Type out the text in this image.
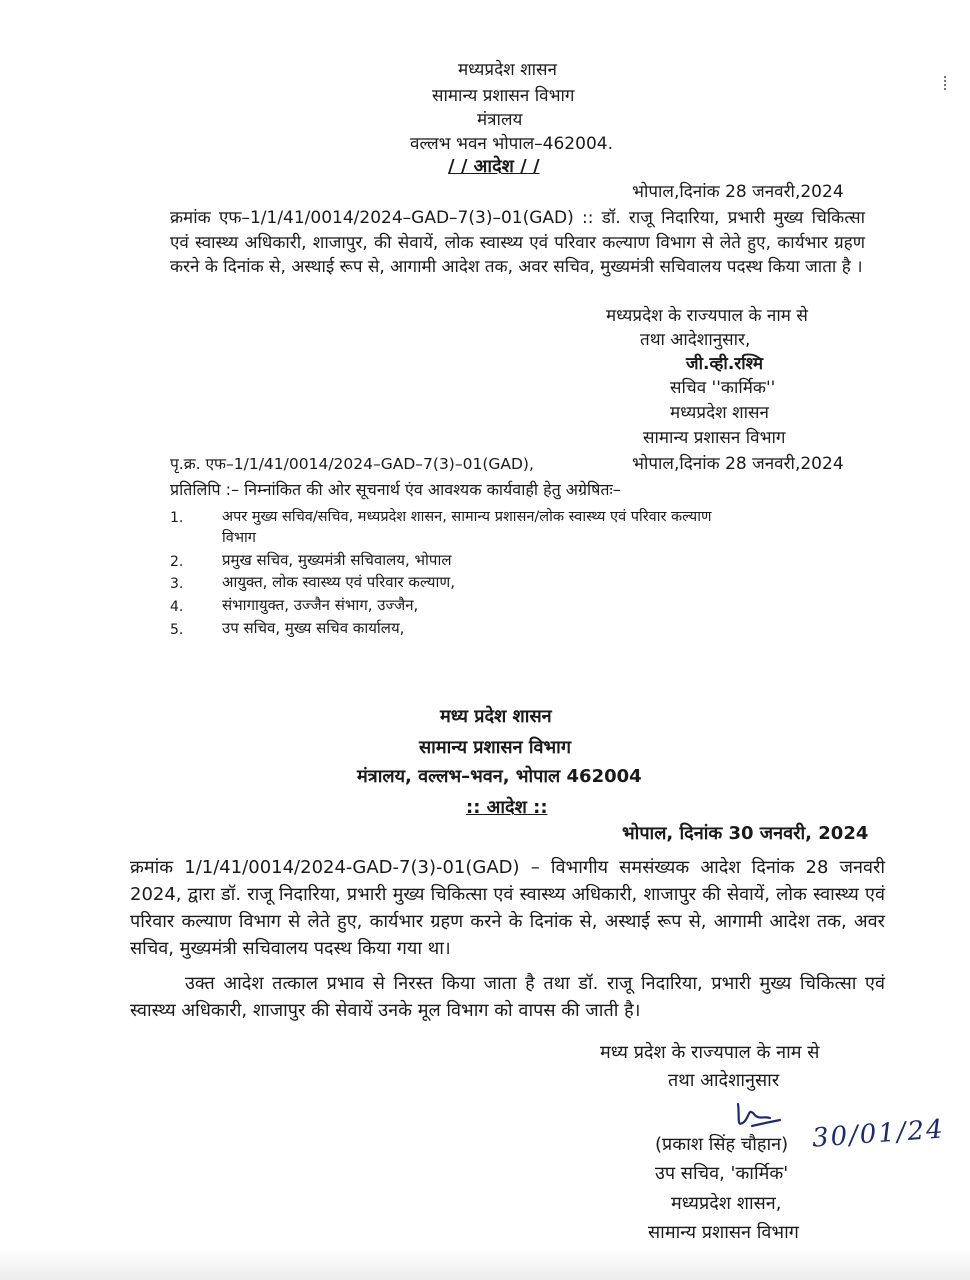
मध्यप्रदेश शासन
सामान्य प्रशासन विभाग
मंत्रालय
वल्लभ भवन भोपाल–462004.
/ / आदेश / /
भोपाल,दिनांक 28 जनवरी,2024
क्रमांक एफ–1/1/41/0014/2024–GAD–7(3)–01(GAD) :: डॉ. राजू निदारिया, प्रभारी मुख्य चिकित्सा एवं स्वास्थ्य अधिकारी, शाजापुर, की सेवायें, लोक स्वास्थ्य एवं परिवार कल्याण विभाग से लेते हुए, कार्यभार ग्रहण करने के दिनांक से, अस्थाई रूप से, आगामी आदेश तक, अवर सचिव, मुख्यमंत्री सचिवालय पदस्थ किया जाता है ।
मध्यप्रदेश के राज्यपाल के नाम से
तथा आदेशानुसार,
जी.व्ही.रश्मि
सचिव ''कार्मिक''
मध्यप्रदेश शासन
सामान्य प्रशासन विभाग
पृ.क्र. एफ–1/1/41/0014/2024–GAD–7(3)–01(GAD),	भोपाल,दिनांक 28 जनवरी,2024
प्रतिलिपि :– निम्नांकित की ओर सूचनार्थ एंव आवश्यक कार्यवाही हेतु अग्रेषितः–
1.	अपर मुख्य सचिव/सचिव, मध्यप्रदेश शासन, सामान्य प्रशासन/लोक स्वास्थ्य एवं परिवार कल्याण
विभाग
2.	प्रमुख सचिव, मुख्यमंत्री सचिवालय, भोपाल
3.	आयुक्त, लोक स्वास्थ्य एवं परिवार कल्याण,
4.	संभागायुक्त, उज्जैन संभाग, उज्जैन,
5.	उप सचिव, मुख्य सचिव कार्यालय,
मध्य प्रदेश शासन
सामान्य प्रशासन विभाग
मंत्रालय, वल्लभ–भवन, भोपाल 462004
:: आदेश ::
भोपाल, दिनांक 30 जनवरी, 2024
क्रमांक 1/1/41/0014/2024-GAD-7(3)-01(GAD) – विभागीय समसंख्यक आदेश दिनांक 28 जनवरी 2024, द्वारा डॉ. राजू निदारिया, प्रभारी मुख्य चिकित्सा एवं स्वास्थ्य अधिकारी, शाजापुर की सेवायें, लोक स्वास्थ्य एवं परिवार कल्याण विभाग से लेते हुए, कार्यभार ग्रहण करने के दिनांक से, अस्थाई रूप से, आगामी आदेश तक, अवर सचिव, मुख्यमंत्री सचिवालय पदस्थ किया गया था।
उक्त आदेश तत्काल प्रभाव से निरस्त किया जाता है तथा डॉ. राजू निदारिया, प्रभारी मुख्य चिकित्सा एवं स्वास्थ्य अधिकारी, शाजापुर की सेवायें उनके मूल विभाग को वापस की जाती है।
मध्य प्रदेश के राज्यपाल के नाम से
तथा आदेशानुसार
(प्रकाश सिंह चौहान) 30/01/24
उप सचिव, 'कार्मिक'
मध्यप्रदेश शासन,
सामान्य प्रशासन विभाग
